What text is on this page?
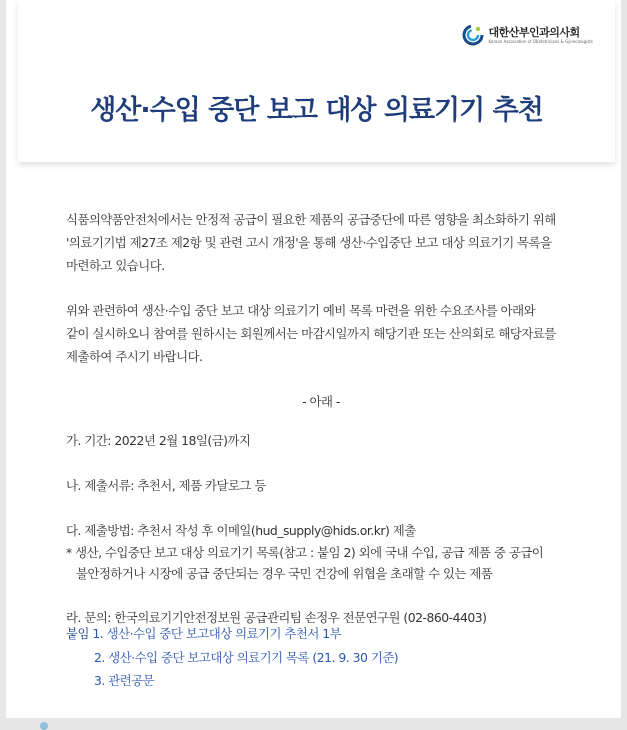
대한산부인과의사회
Korean Association of Obstetricians & Gynecologists
생산·수입 중단 보고 대상 의료기기 추천

식품의약품안전처에서는 안정적 공급이 필요한 제품의 공급중단에 따른 영향을 최소화하기 위해

'의료기기법 제27조 제2항 및 관련 고시 개정'을 통해 생산·수입중단 보고 대상 의료기기 목록을

마련하고 있습니다.

위와 관련하여 생산·수입 중단 보고 대상 의료기기 예비 목록 마련을 위한 수요조사를 아래와

같이 실시하오니 참여를 원하시는 회원께서는 마감시일까지 해당기관 또는 산의회로 해당자료를

제출하여 주시기 바랍니다.

- 아래 -

가. 기간: 2022년 2월 18일(금)까지

나. 제출서류: 추천서, 제품 카달로그 등

다. 제출방법: 추천서 작성 후 이메일(hud_supply@hids.or.kr) 제출

* 생산, 수입중단 보고 대상 의료기기 목록(참고 : 붙임 2) 외에 국내 수입, 공급 제품 중 공급이

불안정하거나 시장에 공급 중단되는 경우 국민 건강에 위협을 초래할 수 있는 제품

라. 문의: 한국의료기기안전정보원 공급관리팀 손정우 전문연구원 (02-860-4403)

붙임 1. 생산·수입 중단 보고대상 의료기기 추천서 1부
2. 생산·수입 중단 보고대상 의료기기 목록 (21. 9. 30 기준)
3. 관련공문
